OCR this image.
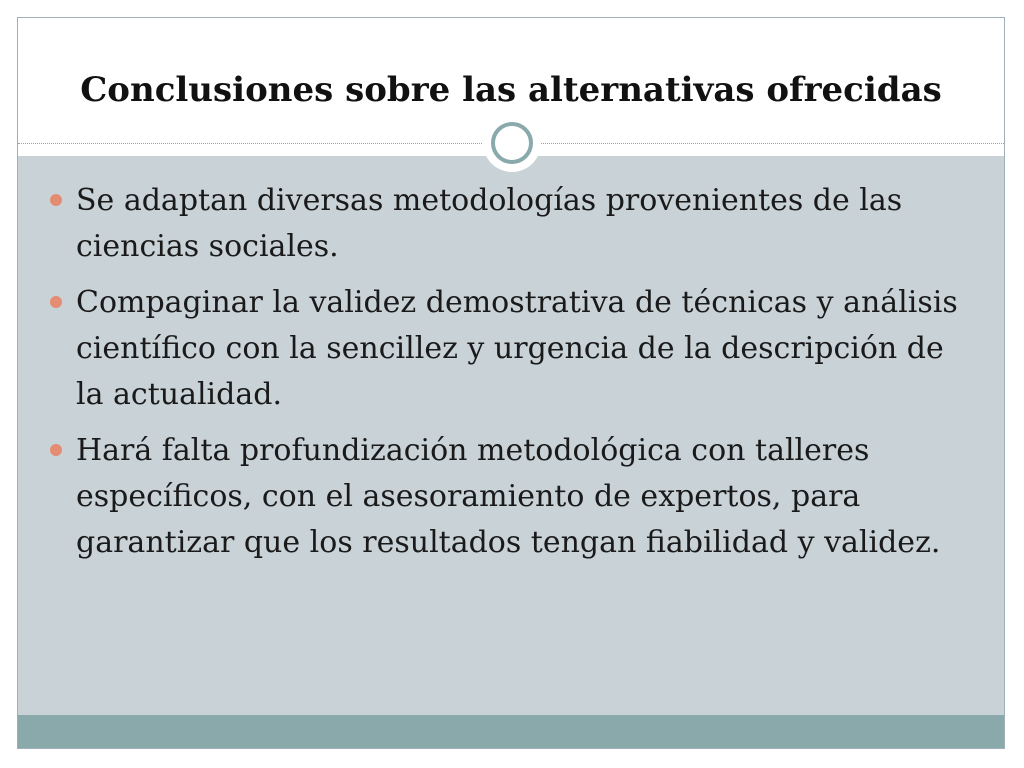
Conclusiones sobre las alternativas ofrecidas
Se adaptan diversas metodologías provenientes de las ciencias sociales.
Compaginar la validez demostrativa de técnicas y análisis científico con la sencillez y urgencia de la descripción de la actualidad.
Hará falta profundización metodológica con talleres específicos, con el asesoramiento de expertos, para garantizar que los resultados tengan fiabilidad y validez.
